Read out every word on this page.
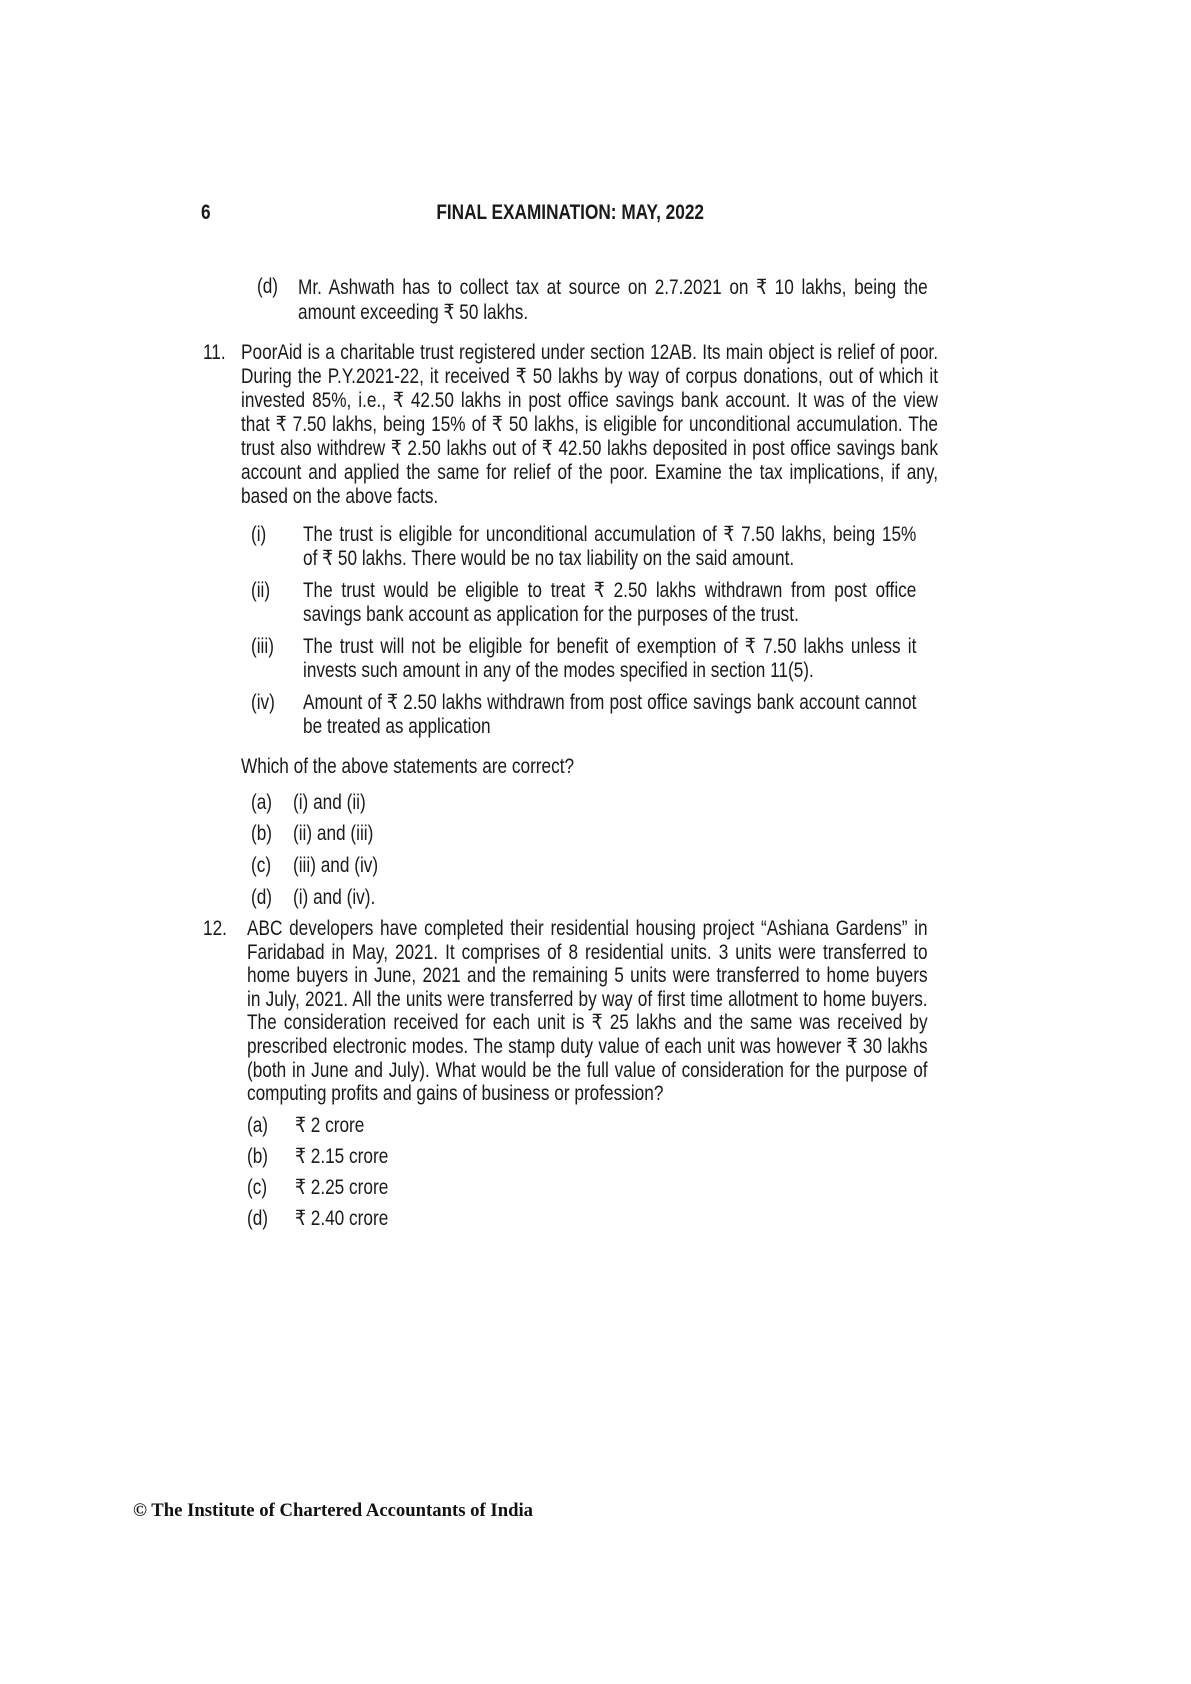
6	FINAL EXAMINATION: MAY, 2022
(d) Mr. Ashwath has to collect tax at source on 2.7.2021 on ₹ 10 lakhs, being the
amount exceeding ₹ 50 lakhs.
11. PoorAid is a charitable trust registered under section 12AB. Its main object is relief of poor.
During the P.Y.2021-22, it received ₹ 50 lakhs by way of corpus donations, out of which it
invested 85%, i.e., ₹ 42.50 lakhs in post office savings bank account. It was of the view
that ₹ 7.50 lakhs, being 15% of ₹ 50 lakhs, is eligible for unconditional accumulation. The
trust also withdrew ₹ 2.50 lakhs out of ₹ 42.50 lakhs deposited in post office savings bank
account and applied the same for relief of the poor. Examine the tax implications, if any,
based on the above facts.
(i) The trust is eligible for unconditional accumulation of ₹ 7.50 lakhs, being 15%
of ₹ 50 lakhs. There would be no tax liability on the said amount.
(ii) The trust would be eligible to treat ₹ 2.50 lakhs withdrawn from post office
savings bank account as application for the purposes of the trust.
(iii) The trust will not be eligible for benefit of exemption of ₹ 7.50 lakhs unless it
invests such amount in any of the modes specified in section 11(5).
(iv) Amount of ₹ 2.50 lakhs withdrawn from post office savings bank account cannot
be treated as application
Which of the above statements are correct?
(a) (i) and (ii)
(b) (ii) and (iii)
(c) (iii) and (iv)
(d) (i) and (iv).
12. ABC developers have completed their residential housing project “Ashiana Gardens” in
Faridabad in May, 2021. It comprises of 8 residential units. 3 units were transferred to
home buyers in June, 2021 and the remaining 5 units were transferred to home buyers
in July, 2021. All the units were transferred by way of first time allotment to home buyers.
The consideration received for each unit is ₹ 25 lakhs and the same was received by
prescribed electronic modes. The stamp duty value of each unit was however ₹ 30 lakhs
(both in June and July). What would be the full value of consideration for the purpose of
computing profits and gains of business or profession?
(a) ₹ 2 crore
(b) ₹ 2.15 crore
(c) ₹ 2.25 crore
(d) ₹ 2.40 crore
© The Institute of Chartered Accountants of India
